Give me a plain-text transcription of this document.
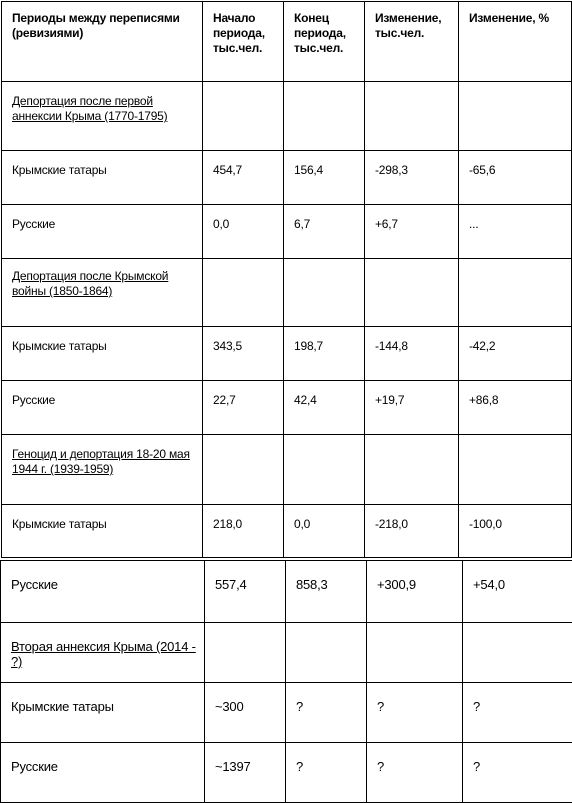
Периоды между переписями (ревизиями)	Начало периода, тыс.чел.	Конец периода, тыс.чел.	Изменение, тыс.чел.	Изменение, %

Депортация после первой аннексии Крыма (1770-1795)				

Крымские татары	454,7	156,4	-298,3	-65,6

Русские	0,0	6,7	+6,7	...

Депортация после Крымской войны (1850-1864)				

Крымские татары	343,5	198,7	-144,8	-42,2

Русские	22,7	42,4	+19,7	+86,8

Геноцид и депортация 18-20 мая 1944 г. (1939-1959)				

Крымские татары	218,0	0,0	-218,0	-100,0
Русские	557,4	858,3	+300,9	+54,0

Вторая аннексия Крыма (2014 - ?)				

Крымские татары	~300	?	?	?

Русские	~1397	?	?	?
